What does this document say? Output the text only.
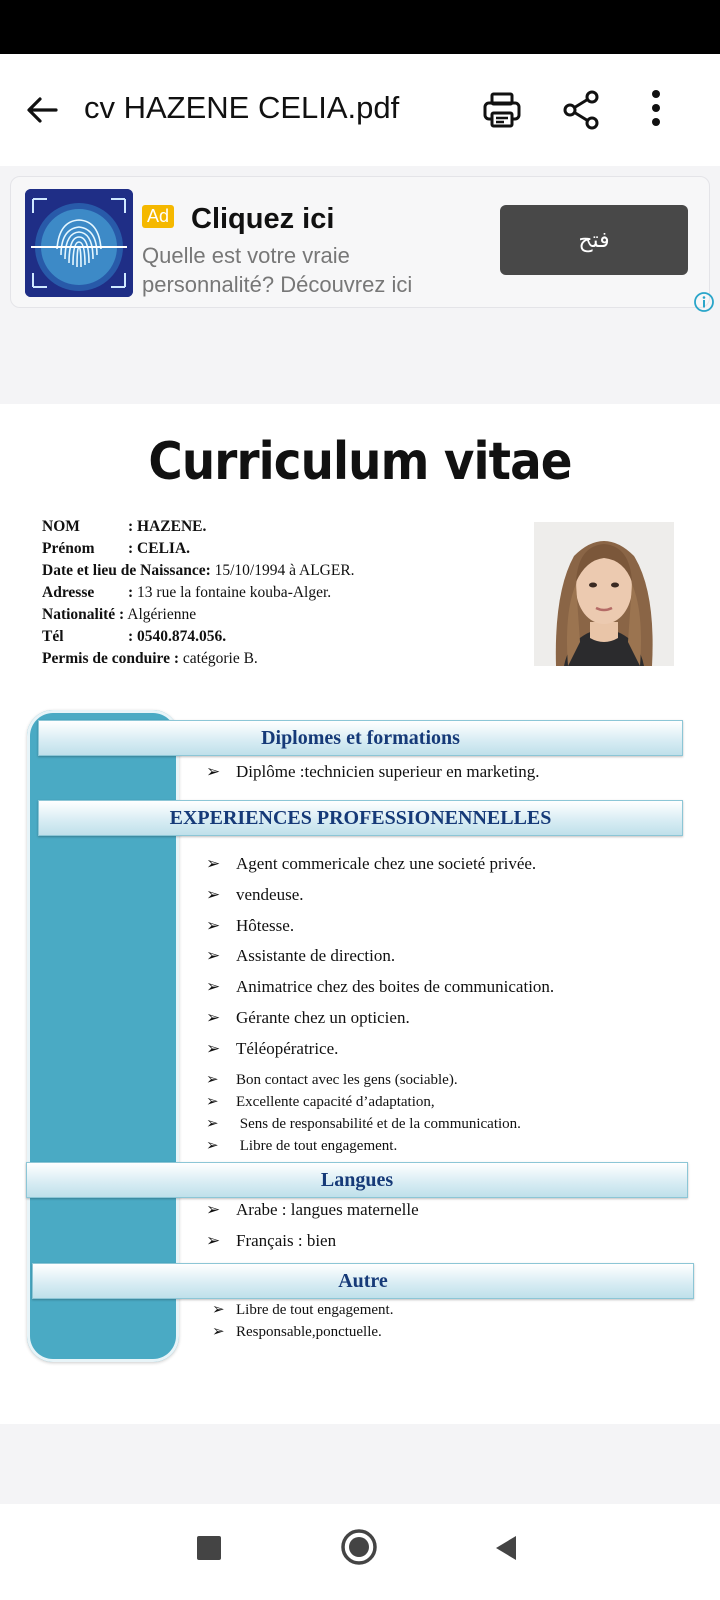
cv HAZENE CELIA.pdf
Ad Cliquez ici
Quelle est votre vraie personnalité? Découvrez ici
فتح
Curriculum vitae
NOM	: HAZENE.
Prénom : CELIA.
Date et lieu de Naissance: 15/10/1994 à ALGER.
Adresse : 13 rue la fontaine kouba-Alger.
Nationalité : Algérienne
Tél	: 0540.874.056.
Permis de conduire : catégorie B.
Diplomes et formations
➢ Diplôme :technicien superieur en marketing.
EXPERIENCES PROFESSIONENNELLES
➢ Agent commericale chez une societé privée.
➢ vendeuse.
➢ Hôtesse.
➢ Assistante de direction.
➢ Animatrice chez des boites de communication.
➢ Gérante chez un opticien.
➢ Téléopératrice.
➢ Bon contact avec les gens (sociable).
➢ Excellente capacité d’adaptation,
➢ Sens de responsabilité et de la communication.
➢ Libre de tout engagement.
Langues
➢ Arabe : langues maternelle
➢ Français : bien
Autre
➢ Libre de tout engagement.
➢ Responsable,ponctuelle.
